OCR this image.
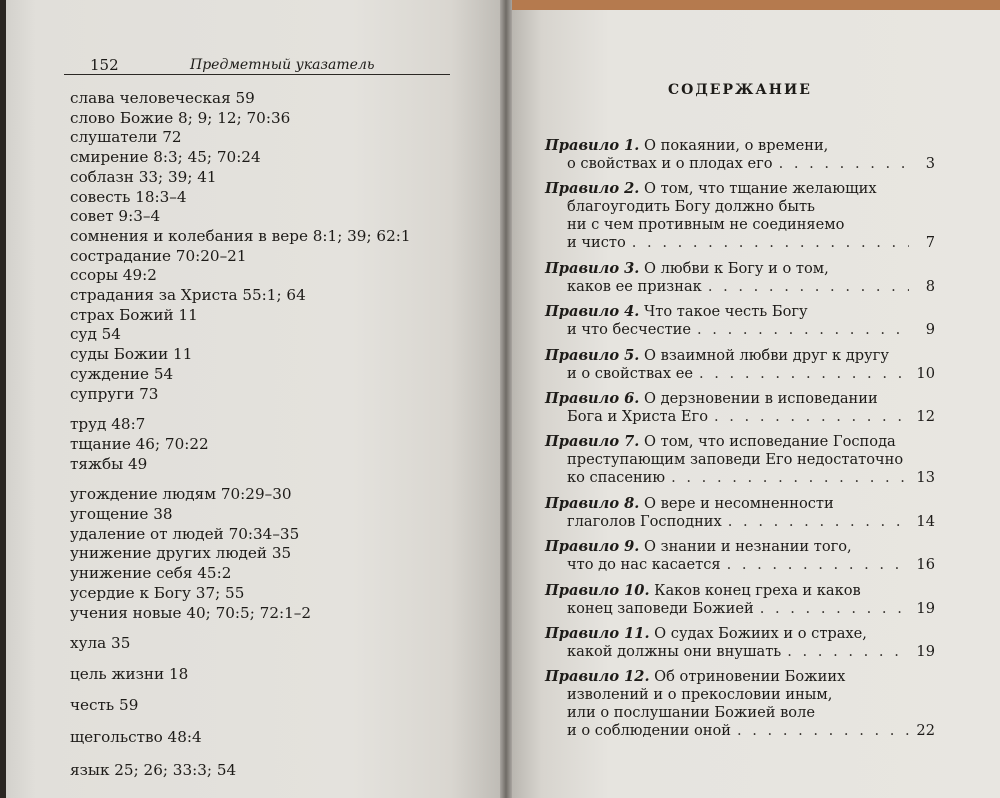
152	Предметный указатель
слава человеческая 59
слово Божие 8; 9; 12; 70:36
слушатели 72
смирение 8:3; 45; 70:24
соблазн 33; 39; 41
совесть 18:3–4
совет 9:3–4
сомнения и колебания в вере 8:1; 39; 62:1
сострадание 70:20–21
ссоры 49:2
страдания за Христа 55:1; 64
страх Божий 11
суд 54
суды Божии 11
суждение 54
супруги 73
труд 48:7
тщание 46; 70:22
тяжбы 49
угождение людям 70:29–30
угощение 38
удаление от людей 70:34–35
унижение других людей 35
унижение себя 45:2
усердие к Богу 37; 55
учения новые 40; 70:5; 72:1–2
хула 35
цель жизни 18
честь 59
щегольство 48:4
язык 25; 26; 33:3; 54
СОДЕРЖАНИЕ
Правило 1. О покаянии, о времени,
о свойствах и о плодах его . . .	3
Правило 2. О том, что тщание желающих
благоугодить Богу должно быть
ни с чем противным не соединяемо
и чисто . . .	7
Правило 3. О любви к Богу и о том,
каков ее признак . . .	8
Правило 4. Что такое честь Богу
и что бесчестие . . .	9
Правило 5. О взаимной любви друг к другу
и о свойствах ее . . .	10
Правило 6. О дерзновении в исповедании
Бога и Христа Его . . .	12
Правило 7. О том, что исповедание Господа
преступающим заповеди Его недостаточно
ко спасению . . .	13
Правило 8. О вере и несомненности
глаголов Господних . . .	14
Правило 9. О знании и незнании того,
что до нас касается . . .	16
Правило 10. Каков конец греха и каков
конец заповеди Божией . . .	19
Правило 11. О судах Божиих и о страхе,
какой должны они внушать . . .	19
Правило 12. Об отриновении Божиих
изволений и о прекословии иным,
или о послушании Божией воле
и о соблюдении оной . . .	22
